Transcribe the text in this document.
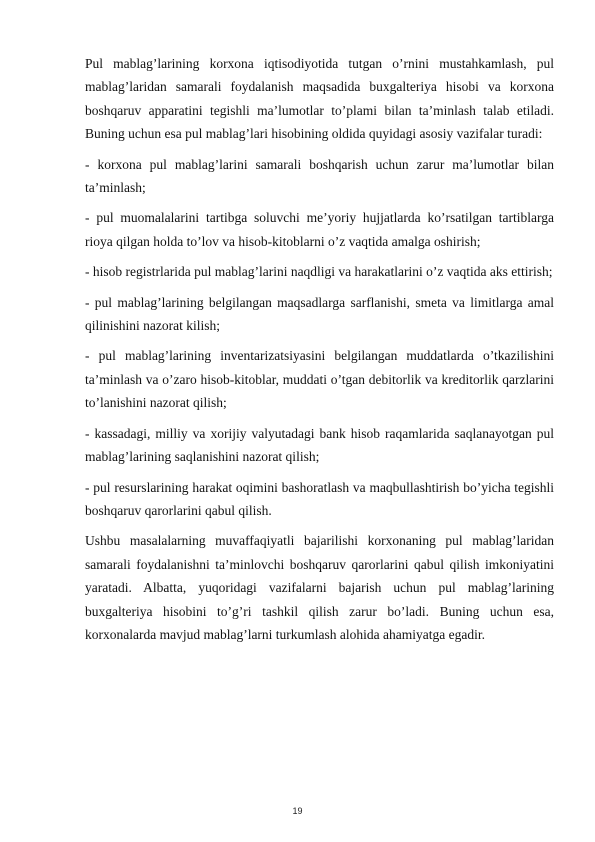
Pul mablag’larining korxona iqtisodiyotida tutgan o’rnini mustahkamlash, pul mablag’laridan samarali foydalanish maqsadida buxgalteriya hisobi va korxona boshqaruv apparatini tegishli ma’lumotlar to’plami bilan ta’minlash talab etiladi. Buning uchun esa pul mablag’lari hisobining oldida quyidagi asosiy vazifalar turadi:

- korxona pul mablag’larini samarali boshqarish uchun zarur ma’lumotlar bilan ta’minlash;

- pul muomalalarini tartibga soluvchi me’yoriy hujjatlarda ko’rsatilgan tartiblarga rioya qilgan holda to’lov va hisob-kitoblarni o’z vaqtida amalga oshirish;

- hisob registrlarida pul mablag’larini naqdligi va harakatlarini o’z vaqtida aks ettirish;

- pul mablag’larining belgilangan maqsadlarga sarflanishi, smeta va limitlarga amal qilinishini nazorat kilish;

- pul mablag’larining inventarizatsiyasini belgilangan muddatlarda o’tkazilishini ta’minlash va o’zaro hisob-kitoblar, muddati o’tgan debitorlik va kreditorlik qarzlarini to’lanishini nazorat qilish;

- kassadagi, milliy va xorijiy valyutadagi bank hisob raqamlarida saqlanayotgan pul mablag’larining saqlanishini nazorat qilish;

- pul resurslarining harakat oqimini bashoratlash va maqbullashtirish bo’yicha tegishli boshqaruv qarorlarini qabul qilish.

Ushbu masalalarning muvaffaqiyatli bajarilishi korxonaning pul mablag’laridan samarali foydalanishni ta’minlovchi boshqaruv qarorlarini qabul qilish imkoniyatini yaratadi. Albatta, yuqoridagi vazifalarni bajarish uchun pul mablag’larining buxgalteriya hisobini to’g’ri tashkil qilish zarur bo’ladi. Buning uchun esa, korxonalarda mavjud mablag’larni turkumlash alohida ahamiyatga egadir.

19
